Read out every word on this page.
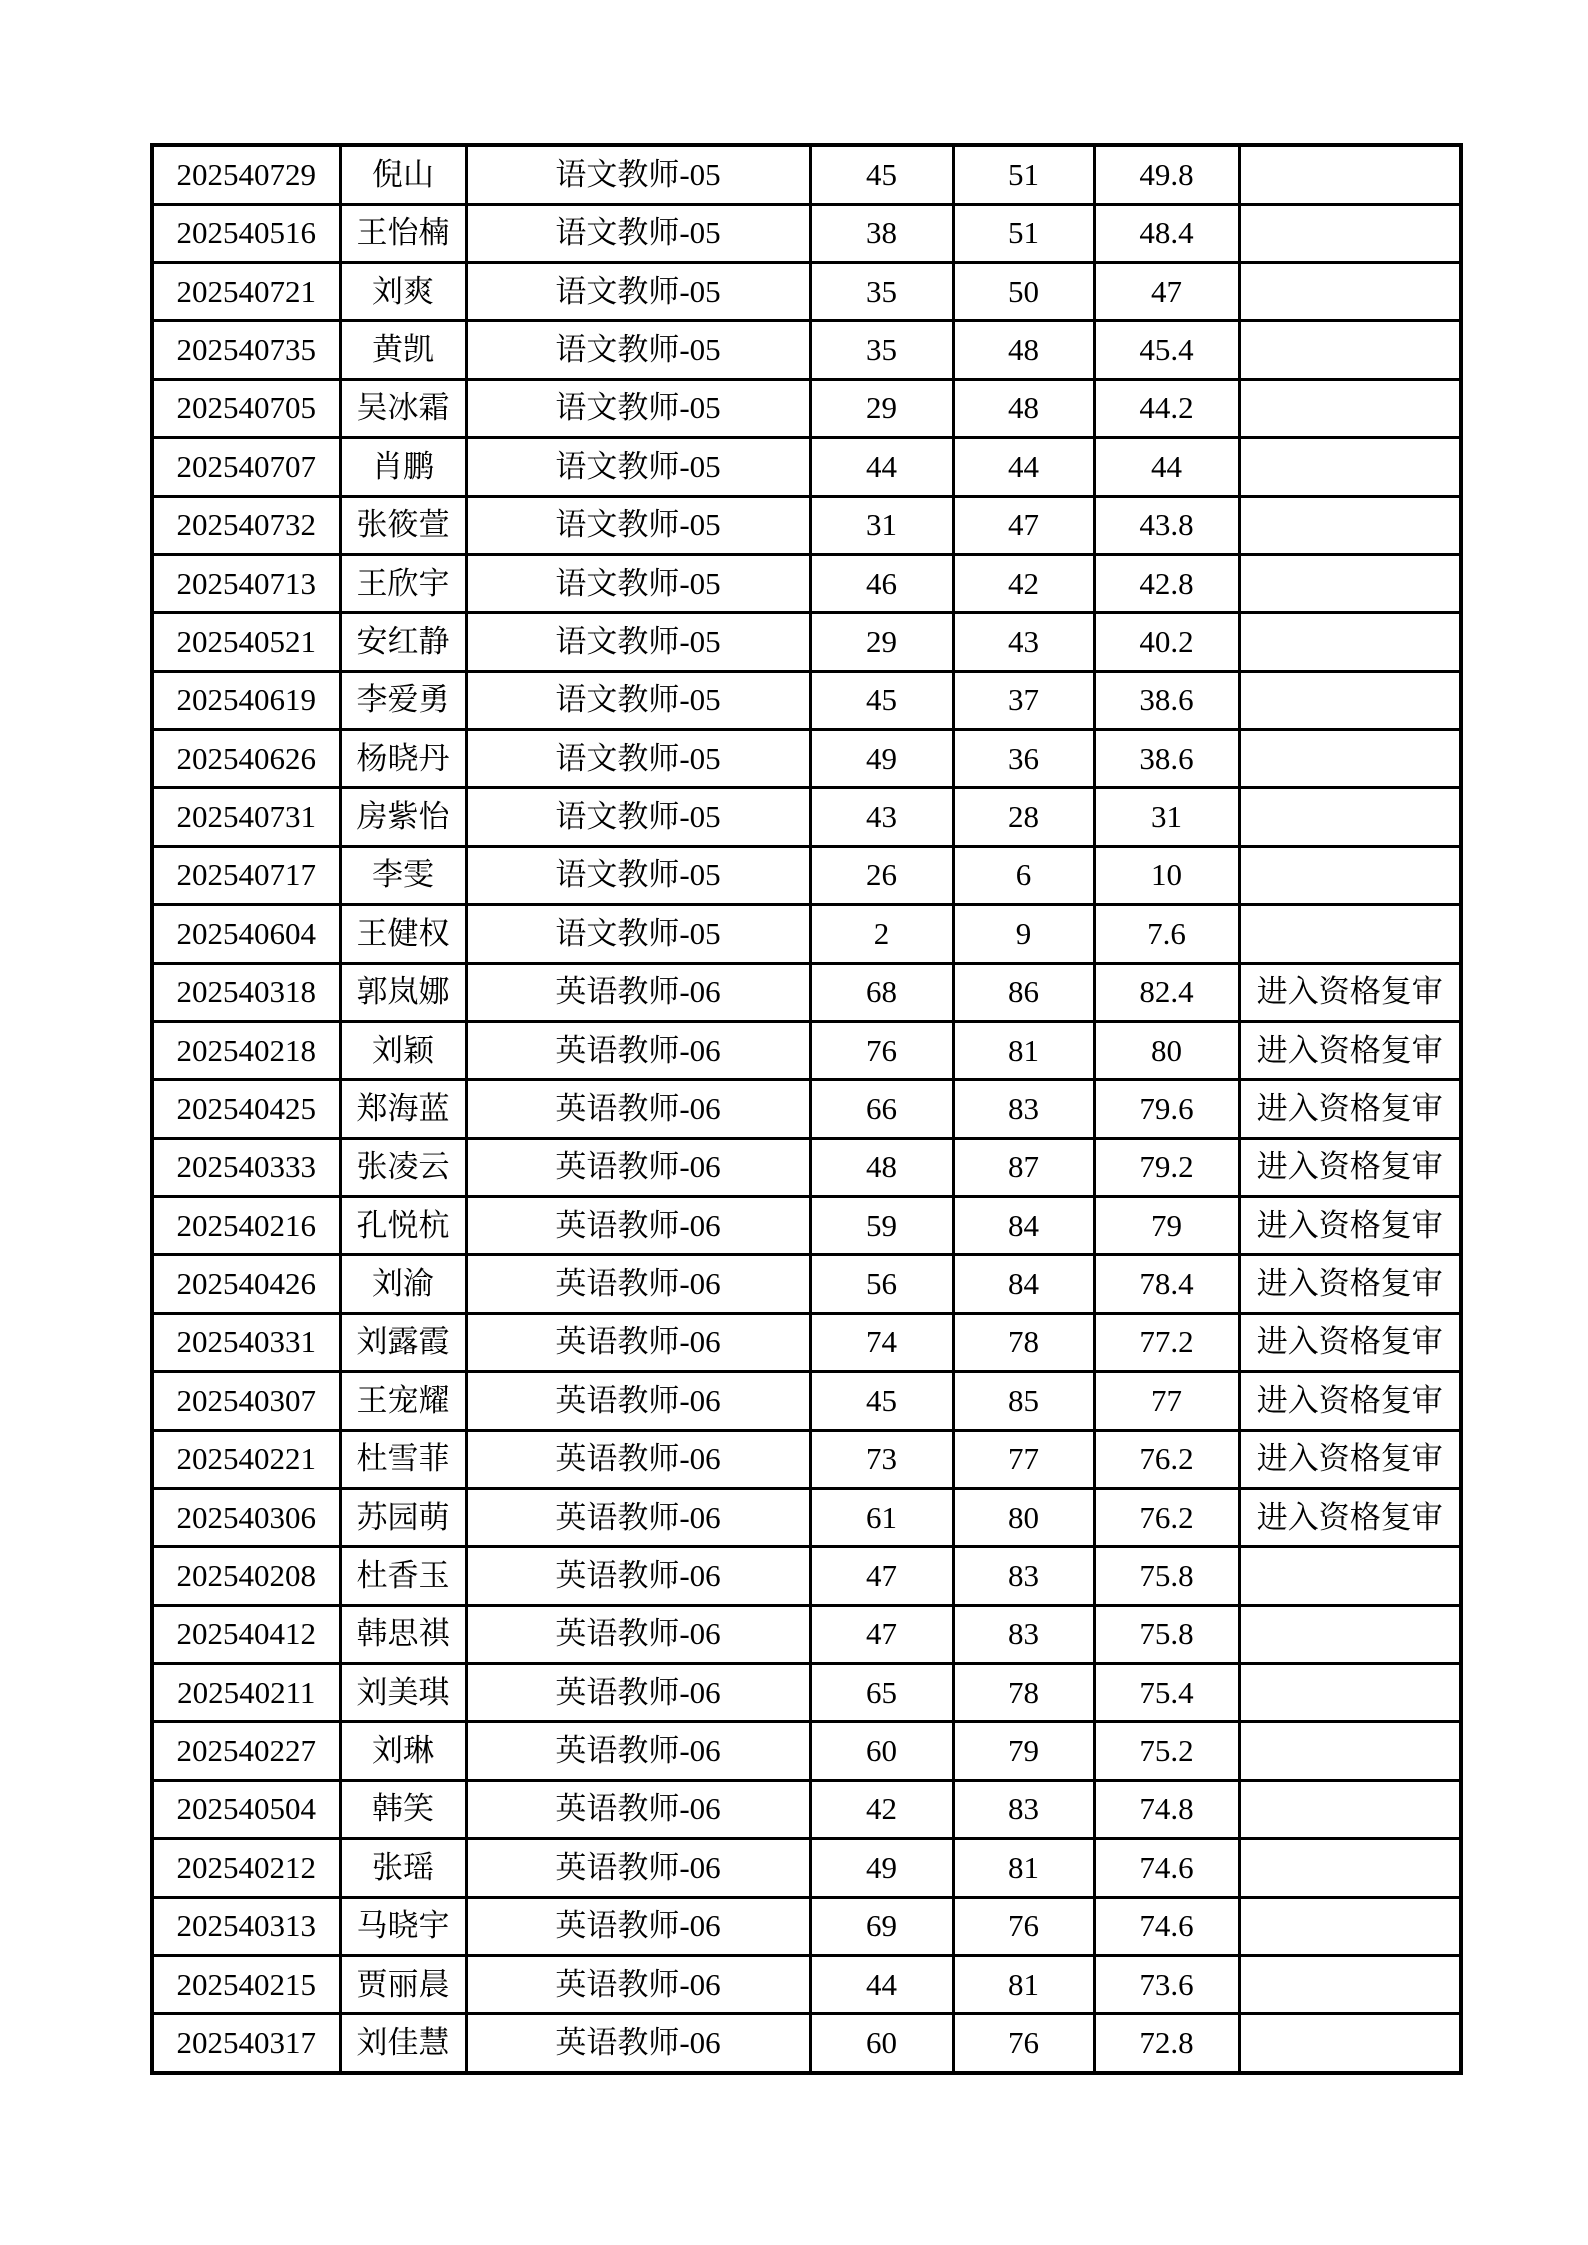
202540729	倪山	语文教师-05	45	51	49.8	
202540516	王怡楠	语文教师-05	38	51	48.4	
202540721	刘爽	语文教师-05	35	50	47	
202540735	黄凯	语文教师-05	35	48	45.4	
202540705	吴冰霜	语文教师-05	29	48	44.2	
202540707	肖鹏	语文教师-05	44	44	44	
202540732	张筱萱	语文教师-05	31	47	43.8	
202540713	王欣宇	语文教师-05	46	42	42.8	
202540521	安红静	语文教师-05	29	43	40.2	
202540619	李爱勇	语文教师-05	45	37	38.6	
202540626	杨晓丹	语文教师-05	49	36	38.6	
202540731	房紫怡	语文教师-05	43	28	31	
202540717	李雯	语文教师-05	26	6	10	
202540604	王健权	语文教师-05	2	9	7.6	
202540318	郭岚娜	英语教师-06	68	86	82.4	进入资格复审
202540218	刘颖	英语教师-06	76	81	80	进入资格复审
202540425	郑海蓝	英语教师-06	66	83	79.6	进入资格复审
202540333	张凌云	英语教师-06	48	87	79.2	进入资格复审
202540216	孔悦杭	英语教师-06	59	84	79	进入资格复审
202540426	刘渝	英语教师-06	56	84	78.4	进入资格复审
202540331	刘露霞	英语教师-06	74	78	77.2	进入资格复审
202540307	王宠耀	英语教师-06	45	85	77	进入资格复审
202540221	杜雪菲	英语教师-06	73	77	76.2	进入资格复审
202540306	苏园萌	英语教师-06	61	80	76.2	进入资格复审
202540208	杜香玉	英语教师-06	47	83	75.8	
202540412	韩思祺	英语教师-06	47	83	75.8	
202540211	刘美琪	英语教师-06	65	78	75.4	
202540227	刘琳	英语教师-06	60	79	75.2	
202540504	韩笑	英语教师-06	42	83	74.8	
202540212	张瑶	英语教师-06	49	81	74.6	
202540313	马晓宇	英语教师-06	69	76	74.6	
202540215	贾丽晨	英语教师-06	44	81	73.6	
202540317	刘佳慧	英语教师-06	60	76	72.8	
